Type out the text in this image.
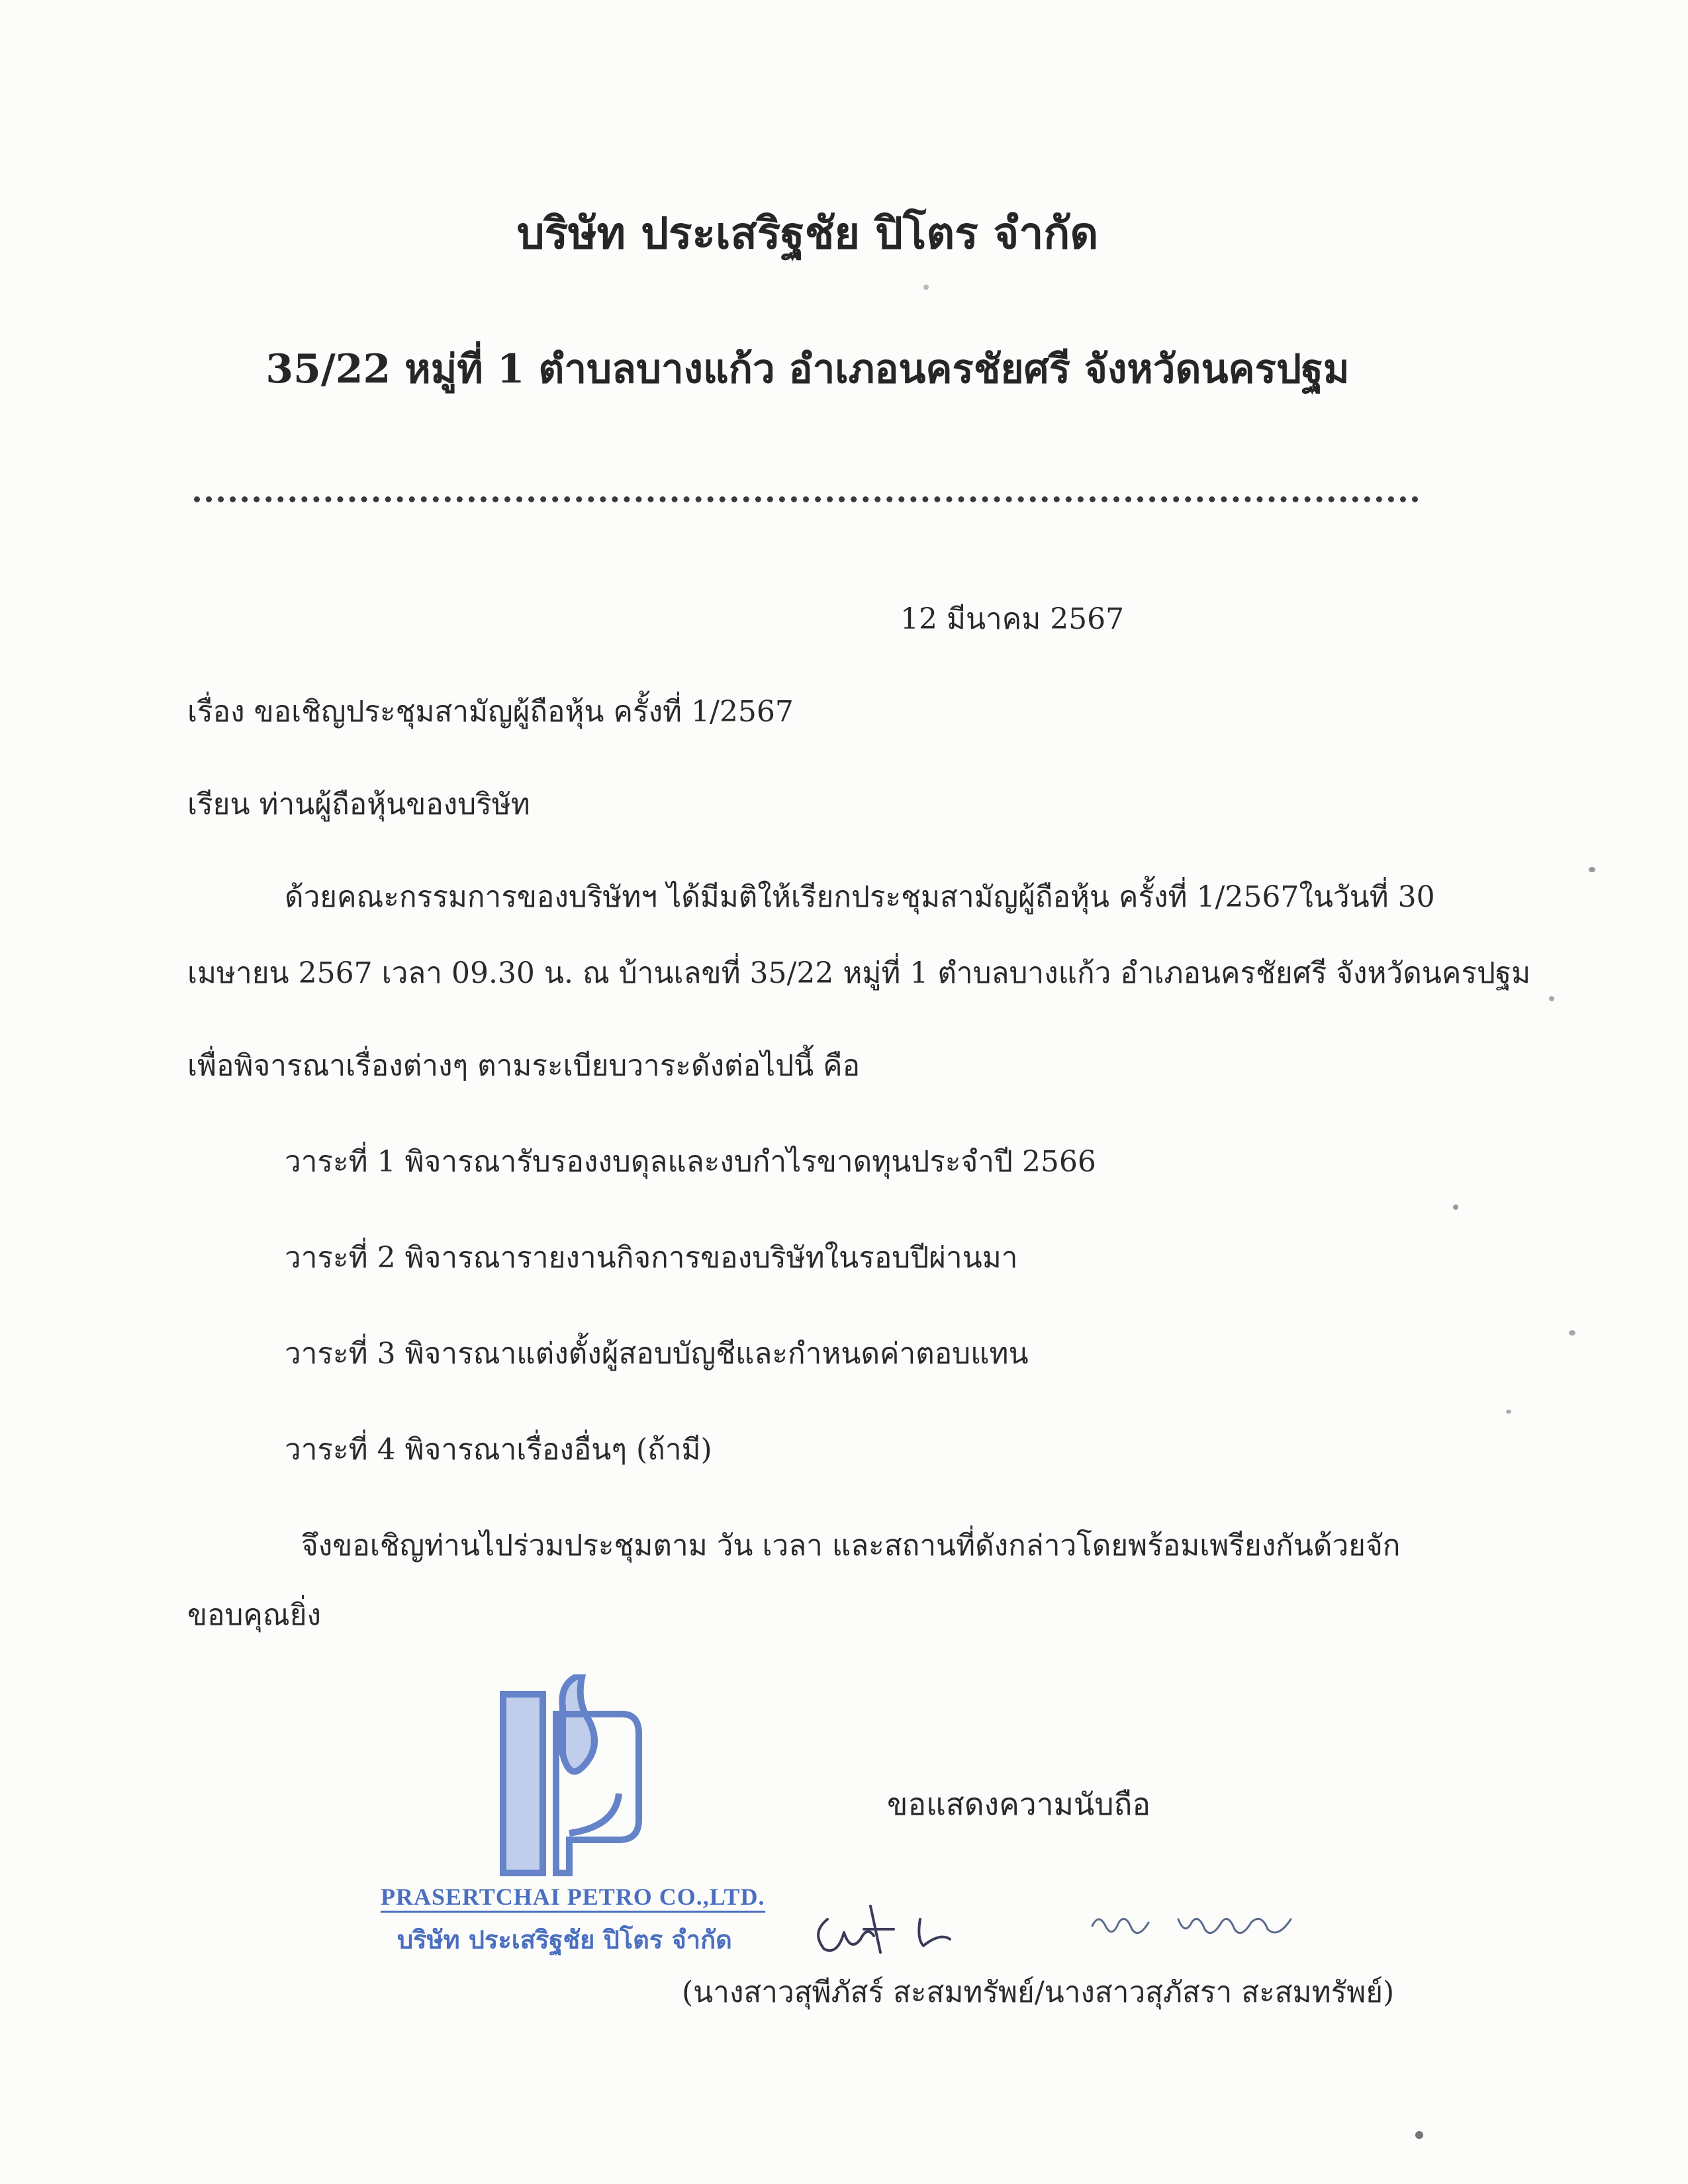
บริษัท ประเสริฐชัย ปิโตร จำกัด
35/22 หมู่ที่ 1 ตำบลบางแก้ว อำเภอนครชัยศรี จังหวัดนครปฐม
12 มีนาคม 2567
เรื่อง ขอเชิญประชุมสามัญผู้ถือหุ้น ครั้งที่ 1/2567
เรียน ท่านผู้ถือหุ้นของบริษัท
ด้วยคณะกรรมการของบริษัทฯ ได้มีมติให้เรียกประชุมสามัญผู้ถือหุ้น ครั้งที่ 1/2567ในวันที่ 30
เมษายน 2567 เวลา 09.30 น. ณ บ้านเลขที่ 35/22 หมู่ที่ 1 ตำบลบางแก้ว อำเภอนครชัยศรี จังหวัดนครปฐม
เพื่อพิจารณาเรื่องต่างๆ ตามระเบียบวาระดังต่อไปนี้ คือ
วาระที่ 1 พิจารณารับรองงบดุลและงบกำไรขาดทุนประจำปี 2566
วาระที่ 2 พิจารณารายงานกิจการของบริษัทในรอบปีผ่านมา
วาระที่ 3 พิจารณาแต่งตั้งผู้สอบบัญชีและกำหนดค่าตอบแทน
วาระที่ 4 พิจารณาเรื่องอื่นๆ (ถ้ามี)
จึงขอเชิญท่านไปร่วมประชุมตาม วัน เวลา และสถานที่ดังกล่าวโดยพร้อมเพรียงกันด้วยจัก
ขอบคุณยิ่ง
ขอแสดงความนับถือ
PRASERTCHAI PETRO CO.,LTD.
บริษัท ประเสริฐชัย ปิโตร จำกัด
(นางสาวสุพีภัสร์ สะสมทรัพย์/นางสาวสุภัสรา สะสมทรัพย์)
